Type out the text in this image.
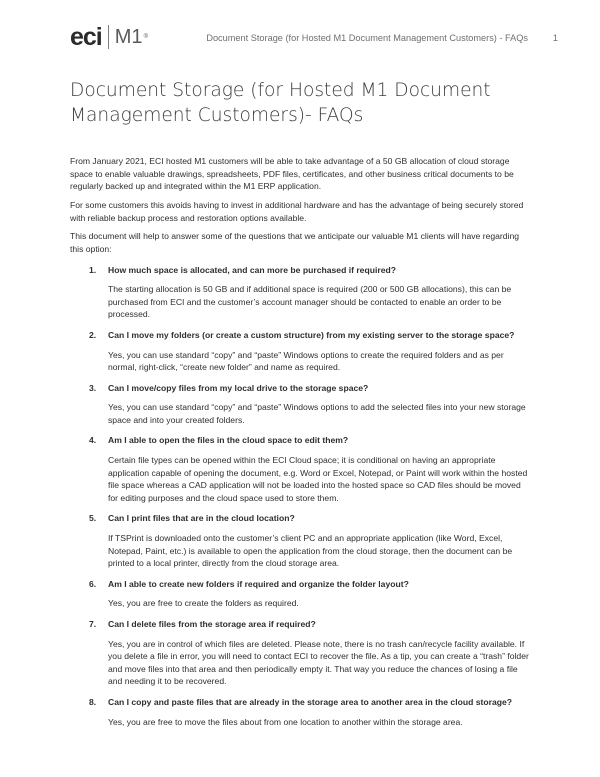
eci M1 ®	Document Storage (for Hosted M1 Document Management Customers) - FAQs	1
Document Storage (for Hosted M1 Document
Management Customers)- FAQs

From January 2021, ECI hosted M1 customers will be able to take advantage of a 50 GB allocation of cloud storage space to enable valuable drawings, spreadsheets, PDF files, certificates, and other business critical documents to be regularly backed up and integrated within the M1 ERP application.

For some customers this avoids having to invest in additional hardware and has the advantage of being securely stored with reliable backup process and restoration options available.

This document will help to answer some of the questions that we anticipate our valuable M1 clients will have regarding this option:

1. How much space is allocated, and can more be purchased if required?

The starting allocation is 50 GB and if additional space is required (200 or 500 GB allocations), this can be purchased from ECI and the customer’s account manager should be contacted to enable an order to be processed.

2. Can I move my folders (or create a custom structure) from my existing server to the storage space?

Yes, you can use standard “copy” and “paste” Windows options to create the required folders and as per normal, right-click, “create new folder” and name as required.

3. Can I move/copy files from my local drive to the storage space?

Yes, you can use standard “copy” and “paste” Windows options to add the selected files into your new storage space and into your created folders.

4. Am I able to open the files in the cloud space to edit them?

Certain file types can be opened within the ECI Cloud space; it is conditional on having an appropriate application capable of opening the document, e.g. Word or Excel, Notepad, or Paint will work within the hosted file space whereas a CAD application will not be loaded into the hosted space so CAD files should be moved for editing purposes and the cloud space used to store them.

5. Can I print files that are in the cloud location?

If TSPrint is downloaded onto the customer’s client PC and an appropriate application (like Word, Excel, Notepad, Paint, etc.) is available to open the application from the cloud storage, then the document can be printed to a local printer, directly from the cloud storage area.

6. Am I able to create new folders if required and organize the folder layout?

Yes, you are free to create the folders as required.

7. Can I delete files from the storage area if required?

Yes, you are in control of which files are deleted. Please note, there is no trash can/recycle facility available. If you delete a file in error, you will need to contact ECI to recover the file. As a tip, you can create a “trash” folder and move files into that area and then periodically empty it. That way you reduce the chances of losing a file and needing it to be recovered.

8. Can I copy and paste files that are already in the storage area to another area in the cloud storage?

Yes, you are free to move the files about from one location to another within the storage area.
